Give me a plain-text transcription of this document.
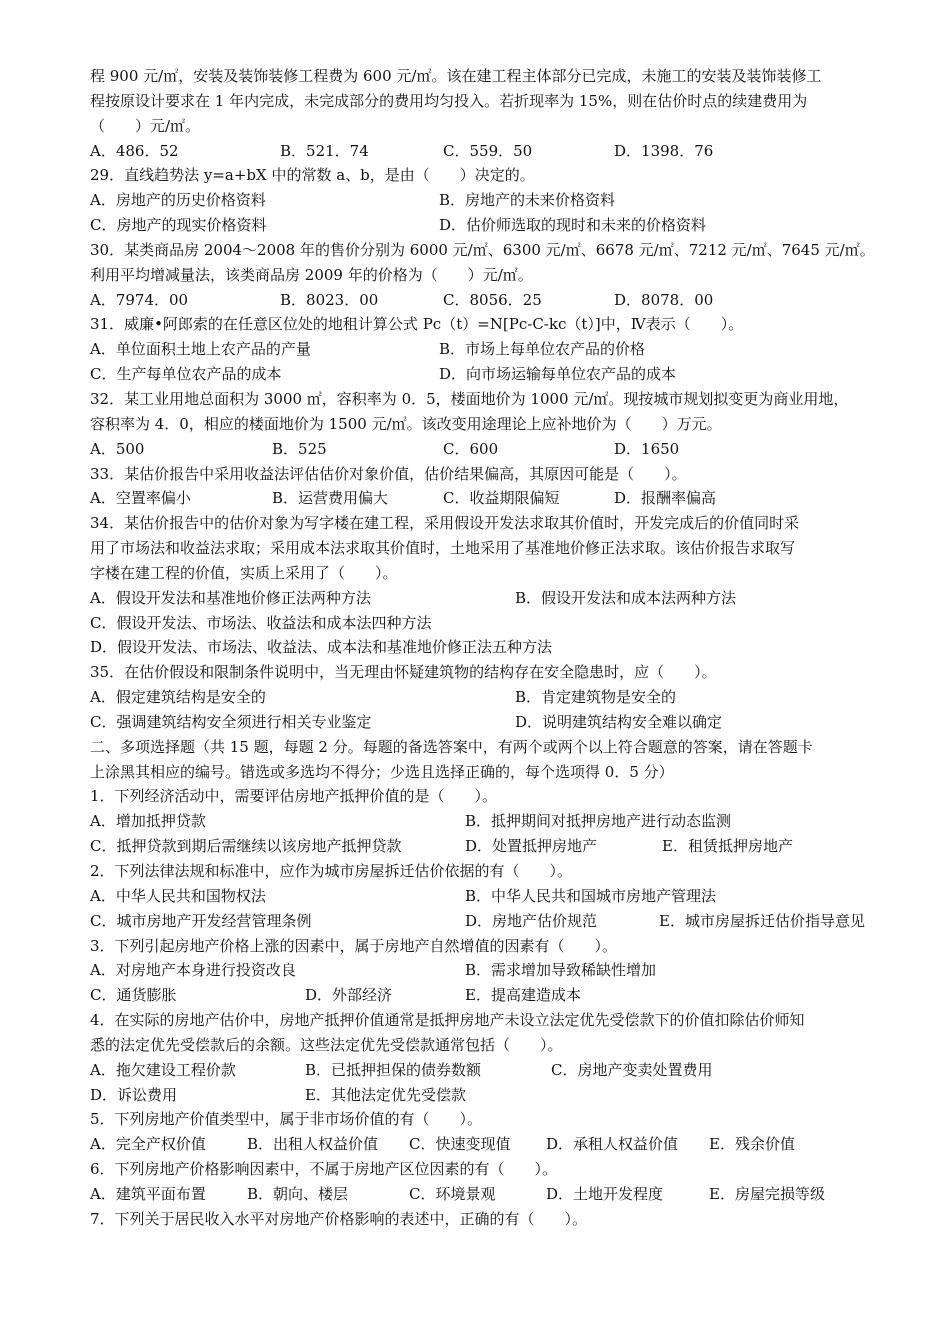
程 900 元/㎡，安装及装饰装修工程费为 600 元/㎡。该在建工程主体部分已完成，未施工的安装及装饰装修工
程按原设计要求在 1 年内完成，未完成部分的费用均匀投入。若折现率为 15%，则在估价时点的续建费用为
（　　）元/㎡。
A．486．52	B．521．74	C．559．50	D．1398．76
29．直线趋势法 y=a+bX 中的常数 a、b，是由（　　）决定的。
A．房地产的历史价格资料	B．房地产的未来价格资料
C．房地产的现实价格资料	D．估价师选取的现时和未来的价格资料
30．某类商品房 2004～2008 年的售价分别为 6000 元/㎡、6300 元/㎡、6678 元/㎡、7212 元/㎡、7645 元/㎡。
利用平均增减量法，该类商品房 2009 年的价格为（　　）元/㎡。
A．7974．00	B．8023．00	C．8056．25	D．8078．00
31．威廉•阿郎索的在任意区位处的地租计算公式 Pc（t）=N[Pc-C-kc（t）]中，Ⅳ表示（　　）。
A．单位面积土地上农产品的产量	B．市场上每单位农产品的价格
C．生产每单位农产品的成本	D．向市场运输每单位农产品的成本
32．某工业用地总面积为 3000 ㎡，容积率为 0．5，楼面地价为 1000 元/㎡。现按城市规划拟变更为商业用地，
容积率为 4．0，相应的楼面地价为 1500 元/㎡。该改变用途理论上应补地价为（　　）万元。
A．500	B．525	C．600	D．1650
33．某估价报告中采用收益法评估估价对象价值，估价结果偏高，其原因可能是（　　）。
A．空置率偏小	B．运营费用偏大	C．收益期限偏短	D．报酬率偏高
34．某估价报告中的估价对象为写字楼在建工程，采用假设开发法求取其价值时，开发完成后的价值同时采
用了市场法和收益法求取；采用成本法求取其价值时，土地采用了基准地价修正法求取。该估价报告求取写
字楼在建工程的价值，实质上采用了（　　）。
A．假设开发法和基准地价修正法两种方法	B．假设开发法和成本法两种方法
C．假设开发法、市场法、收益法和成本法四种方法
D．假设开发法、市场法、收益法、成本法和基准地价修正法五种方法
35．在估价假设和限制条件说明中，当无理由怀疑建筑物的结构存在安全隐患时，应（　　）。
A．假定建筑结构是安全的	B．肯定建筑物是安全的
C．强调建筑结构安全须进行相关专业鉴定	D．说明建筑结构安全难以确定
二、多项选择题（共 15 题，每题 2 分。每题的备选答案中，有两个或两个以上符合题意的答案，请在答题卡
上涂黑其相应的编号。错选或多选均不得分；少选且选择正确的，每个选项得 0．5 分）
1．下列经济活动中，需要评估房地产抵押价值的是（　　）。
A．增加抵押贷款	B．抵押期间对抵押房地产进行动态监测
C．抵押贷款到期后需继续以该房地产抵押贷款	D．处置抵押房地产	E．租赁抵押房地产
2．下列法律法规和标准中，应作为城市房屋拆迁估价依据的有（　　）。
A．中华人民共和国物权法	B．中华人民共和国城市房地产管理法
C．城市房地产开发经营管理条例	D．房地产估价规范	E．城市房屋拆迁估价指导意见
3．下列引起房地产价格上涨的因素中，属于房地产自然增值的因素有（　　）。
A．对房地产本身进行投资改良	B．需求增加导致稀缺性增加
C．通货膨胀	D．外部经济	E．提高建造成本
4．在实际的房地产估价中，房地产抵押价值通常是抵押房地产未设立法定优先受偿款下的价值扣除估价师知
悉的法定优先受偿款后的余额。这些法定优先受偿款通常包括（　　）。
A．拖欠建设工程价款	B．已抵押担保的债券数额	C．房地产变卖处置费用
D．诉讼费用	E．其他法定优先受偿款
5．下列房地产价值类型中，属于非市场价值的有（　　）。
A．完全产权价值	B．出租人权益价值	C．快速变现值	D．承租人权益价值	E．残余价值
6．下列房地产价格影响因素中，不属于房地产区位因素的有（　　）。
A．建筑平面布置	B．朝向、楼层	C．环境景观	D．土地开发程度	E．房屋完损等级
7．下列关于居民收入水平对房地产价格影响的表述中，正确的有（　　）。
